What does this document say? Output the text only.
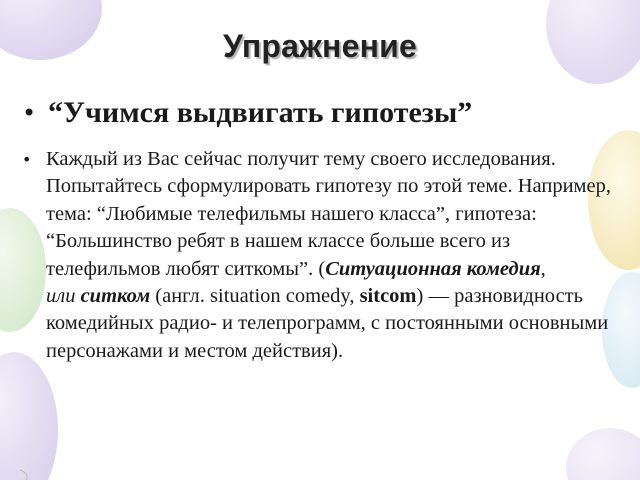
Упражнение
• “Учимся выдвигать гипотезы”
• Каждый из Вас сейчас получит тему своего исследования. Попытайтесь сформулировать гипотезу по этой теме. Например, тема: “Любимые телефильмы нашего класса”, гипотеза: “Большинство ребят в нашем классе больше всего из телефильмов любят ситкомы”. (Ситуационная комедия,
или ситком (англ. situation comedy, sitcom) — разновидность комедийных радио- и телепрограмм, с постоянными основными персонажами и местом действия).
